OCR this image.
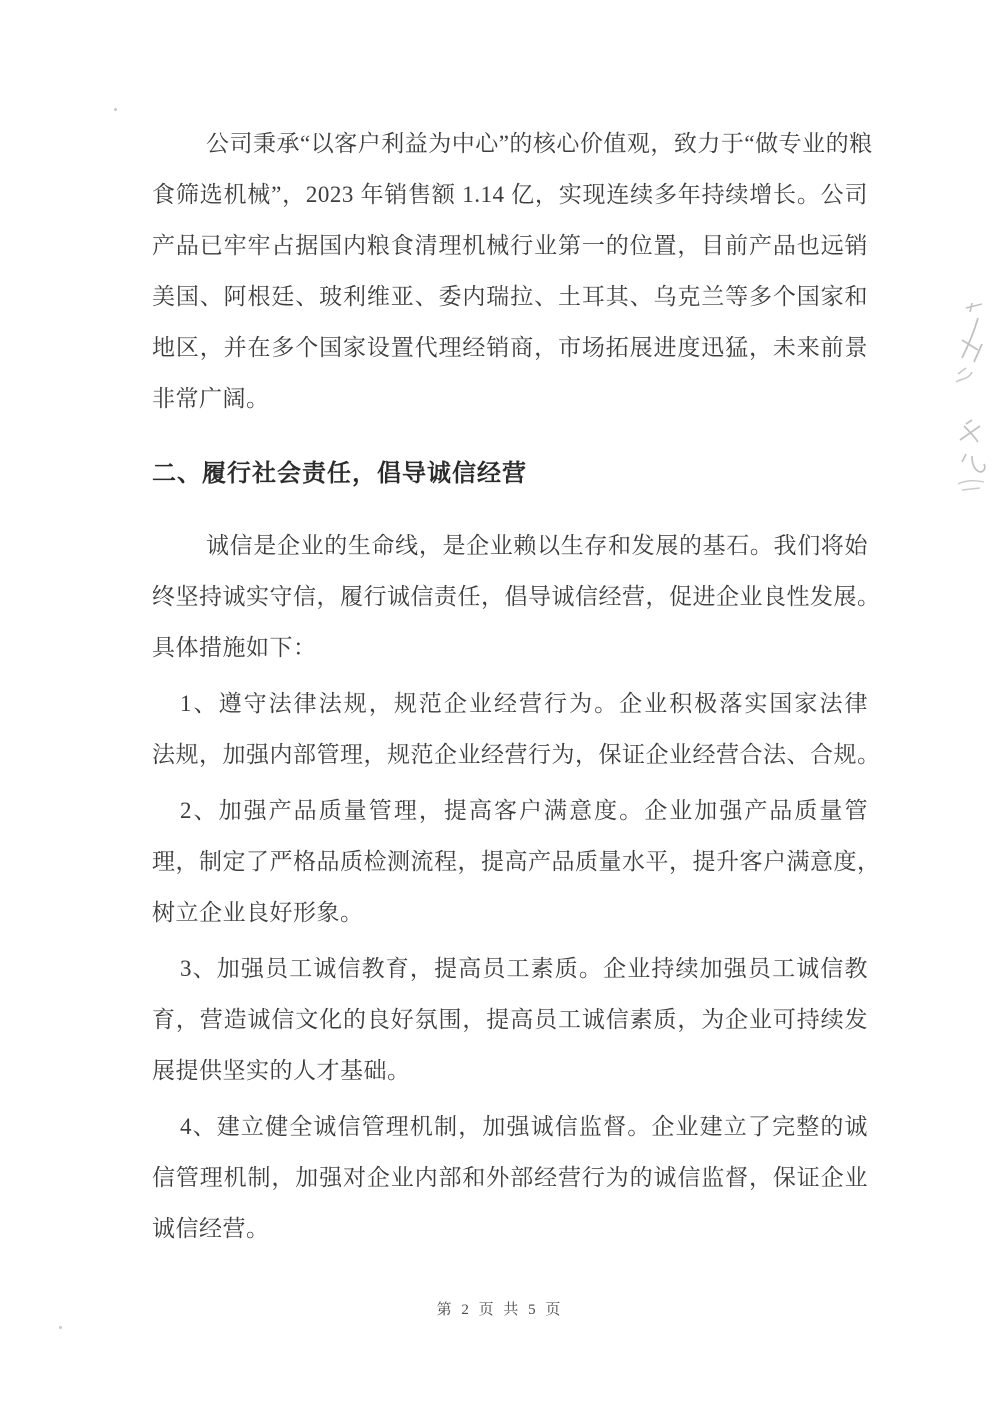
公司秉承“以客户利益为中心”的核心价值观，致力于“做专业的粮
食筛选机械”，2023 年销售额 1.14 亿，实现连续多年持续增长。公司
产品已牢牢占据国内粮食清理机械行业第一的位置，目前产品也远销
美国、阿根廷、玻利维亚、委内瑞拉、土耳其、乌克兰等多个国家和
地区，并在多个国家设置代理经销商，市场拓展进度迅猛，未来前景
非常广阔。

二、履行社会责任，倡导诚信经营

诚信是企业的生命线，是企业赖以生存和发展的基石。我们将始
终坚持诚实守信，履行诚信责任，倡导诚信经营，促进企业良性发展。
具体措施如下：

1、遵守法律法规，规范企业经营行为。企业积极落实国家法律
法规，加强内部管理，规范企业经营行为，保证企业经营合法、合规。

2、加强产品质量管理，提高客户满意度。企业加强产品质量管
理，制定了严格品质检测流程，提高产品质量水平，提升客户满意度，
树立企业良好形象。

3、加强员工诚信教育，提高员工素质。企业持续加强员工诚信教
育，营造诚信文化的良好氛围，提高员工诚信素质，为企业可持续发
展提供坚实的人才基础。

4、建立健全诚信管理机制，加强诚信监督。企业建立了完整的诚
信管理机制，加强对企业内部和外部经营行为的诚信监督，保证企业
诚信经营。

第 2 页 共 5 页
